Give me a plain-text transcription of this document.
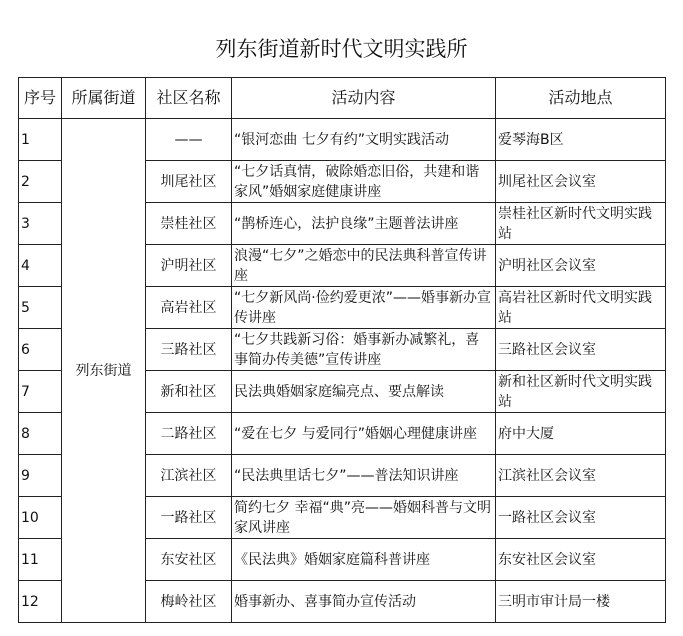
列东街道新时代文明实践所
序号	所属街道	社区名称	活动内容	活动地点
1	列东街道	——	“银河恋曲 七夕有约”文明实践活动	爱琴海B区
2		圳尾社区	“七夕话真情，破除婚恋旧俗，共建和谐家风”婚姻家庭健康讲座	圳尾社区会议室
3		崇桂社区	“鹊桥连心，法护良缘”主题普法讲座	崇桂社区新时代文明实践站
4		沪明社区	浪漫“七夕”之婚恋中的民法典科普宣传讲座	沪明社区会议室
5		高岩社区	“七夕新风尚·俭约爱更浓”——婚事新办宣传讲座	高岩社区新时代文明实践站
6		三路社区	“七夕共践新习俗：婚事新办减繁礼，喜事简办传美德”宣传讲座	三路社区会议室
7		新和社区	民法典婚姻家庭编亮点、要点解读	新和社区新时代文明实践站
8		二路社区	“爱在七夕 与爱同行”婚姻心理健康讲座	府中大厦
9		江滨社区	“民法典里话七夕”——普法知识讲座	江滨社区会议室
10		一路社区	简约七夕 幸福“典”亮——婚姻科普与文明家风讲座	一路社区会议室
11		东安社区	《民法典》婚姻家庭篇科普讲座	东安社区会议室
12		梅岭社区	婚事新办、喜事简办宣传活动	三明市审计局一楼
